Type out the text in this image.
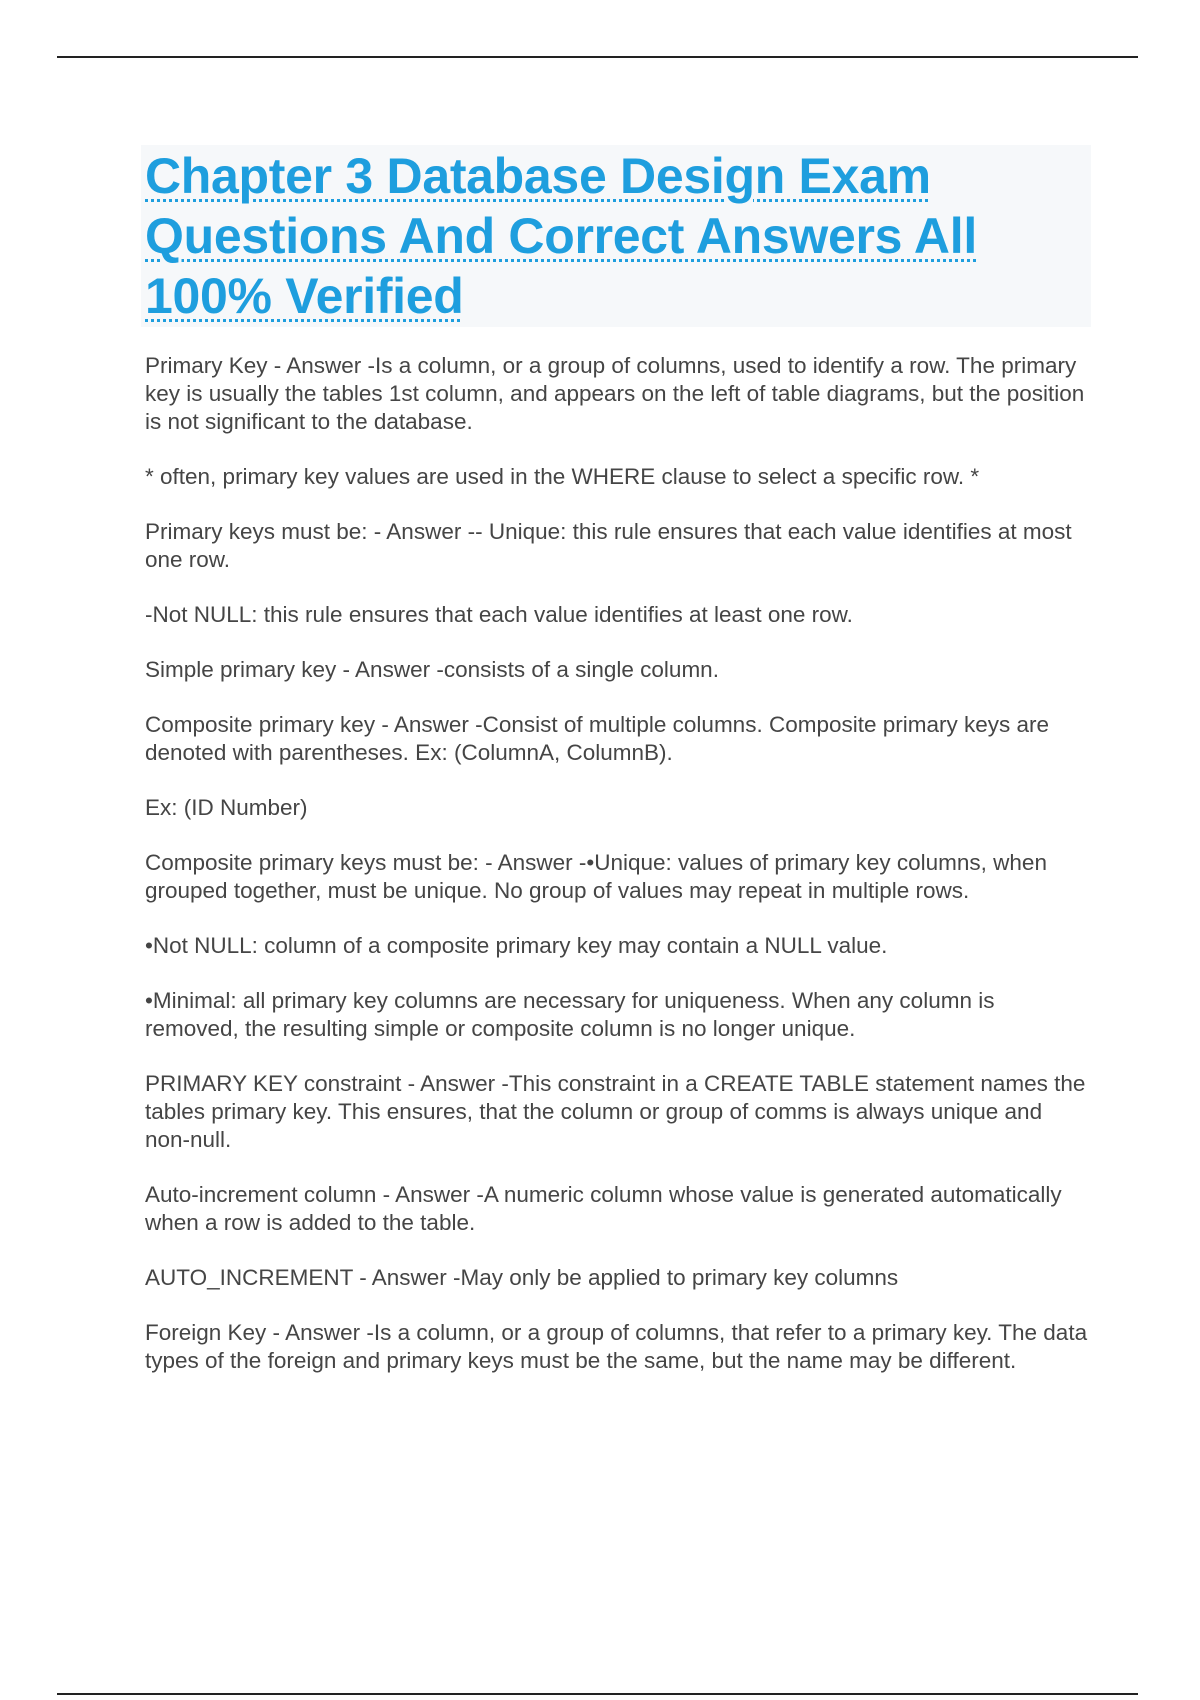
Chapter 3 Database Design Exam Questions And Correct Answers All 100% Verified

Primary Key - Answer -Is a column, or a group of columns, used to identify a row. The primary key is usually the tables 1st column, and appears on the left of table diagrams, but the position is not significant to the database.

* often, primary key values are used in the WHERE clause to select a specific row. *

Primary keys must be: - Answer -- Unique: this rule ensures that each value identifies at most one row.

-Not NULL: this rule ensures that each value identifies at least one row.

Simple primary key - Answer -consists of a single column.

Composite primary key - Answer -Consist of multiple columns. Composite primary keys are denoted with parentheses. Ex: (ColumnA, ColumnB).

Ex: (ID Number)

Composite primary keys must be: - Answer -•Unique: values of primary key columns, when grouped together, must be unique. No group of values may repeat in multiple rows.

•Not NULL: column of a composite primary key may contain a NULL value.

•Minimal: all primary key columns are necessary for uniqueness. When any column is removed, the resulting simple or composite column is no longer unique.

PRIMARY KEY constraint - Answer -This constraint in a CREATE TABLE statement names the tables primary key. This ensures, that the column or group of comms is always unique and non-null.

Auto-increment column - Answer -A numeric column whose value is generated automatically when a row is added to the table.

AUTO_INCREMENT - Answer -May only be applied to primary key columns

Foreign Key - Answer -Is a column, or a group of columns, that refer to a primary key. The data types of the foreign and primary keys must be the same, but the name may be different.
